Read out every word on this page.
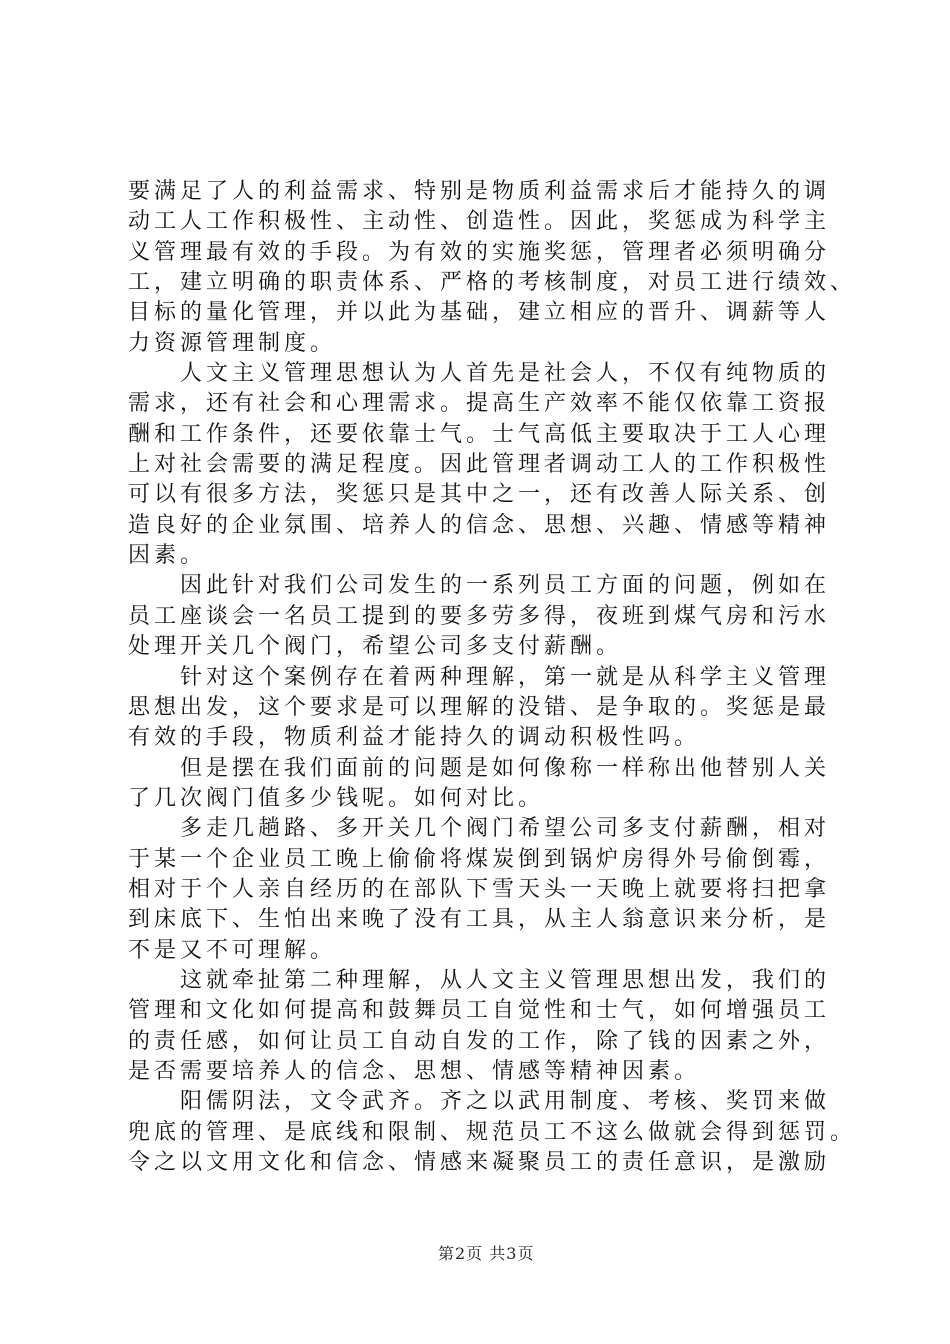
要满足了人的利益需求、特别是物质利益需求后才能持久的调
动工人工作积极性、主动性、创造性。因此，奖惩成为科学主
义管理最有效的手段。为有效的实施奖惩，管理者必须明确分
工，建立明确的职责体系、严格的考核制度，对员工进行绩效、
目标的量化管理，并以此为基础，建立相应的晋升、调薪等人
力资源管理制度。
人文主义管理思想认为人首先是社会人，不仅有纯物质的
需求，还有社会和心理需求。提高生产效率不能仅依靠工资报
酬和工作条件，还要依靠士气。士气高低主要取决于工人心理
上对社会需要的满足程度。因此管理者调动工人的工作积极性
可以有很多方法，奖惩只是其中之一，还有改善人际关系、创
造良好的企业氛围、培养人的信念、思想、兴趣、情感等精神
因素。
因此针对我们公司发生的一系列员工方面的问题，例如在
员工座谈会一名员工提到的要多劳多得，夜班到煤气房和污水
处理开关几个阀门，希望公司多支付薪酬。
针对这个案例存在着两种理解，第一就是从科学主义管理
思想出发，这个要求是可以理解的没错、是争取的。奖惩是最
有效的手段，物质利益才能持久的调动积极性吗。
但是摆在我们面前的问题是如何像称一样称出他替别人关
了几次阀门值多少钱呢。如何对比。
多走几趟路、多开关几个阀门希望公司多支付薪酬，相对
于某一个企业员工晚上偷偷将煤炭倒到锅炉房得外号偷倒霉，
相对于个人亲自经历的在部队下雪天头一天晚上就要将扫把拿
到床底下、生怕出来晚了没有工具，从主人翁意识来分析，是
不是又不可理解。
这就牵扯第二种理解，从人文主义管理思想出发，我们的
管理和文化如何提高和鼓舞员工自觉性和士气，如何增强员工
的责任感，如何让员工自动自发的工作，除了钱的因素之外，
是否需要培养人的信念、思想、情感等精神因素。
阳儒阴法，文令武齐。齐之以武用制度、考核、奖罚来做
兜底的管理、是底线和限制、规范员工不这么做就会得到惩罚。
令之以文用文化和信念、情感来凝聚员工的责任意识，是激励
第2页 共3页
